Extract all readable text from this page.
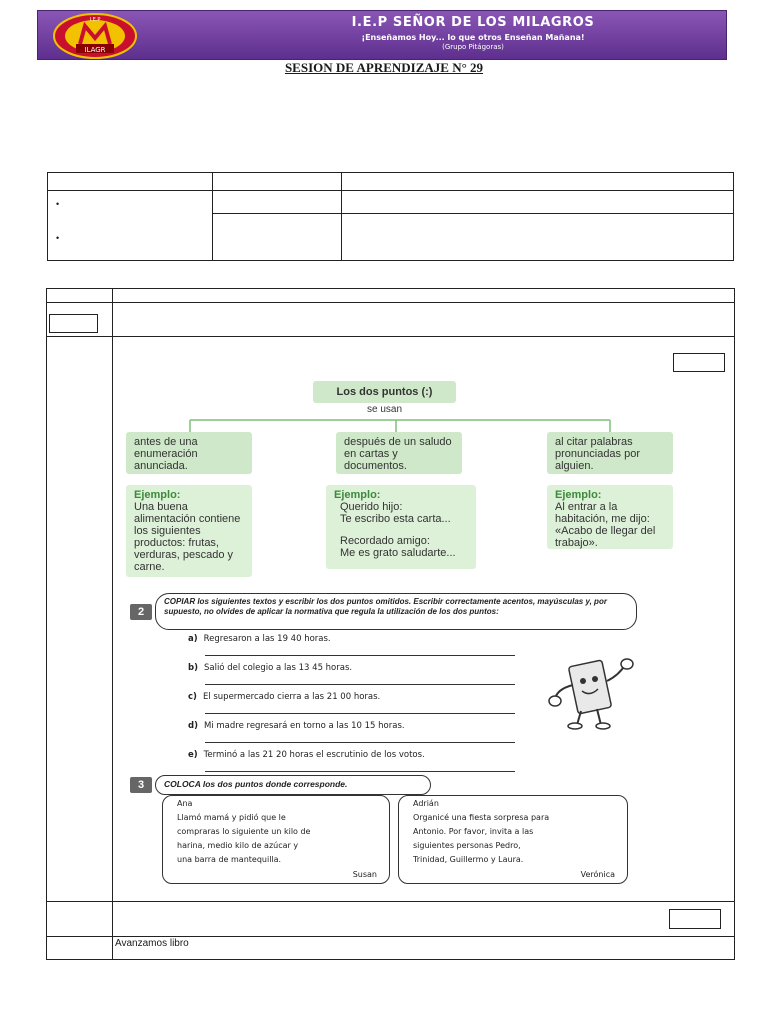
I.E.P SEÑOR DE LOS MILAGROS
¡Enseñamos Hoy... lo que otros Enseñan Mañana!
(Grupo Pitágoras)
ILAGR
I.E.P
SESION DE APRENDIZAJE N° 29
•
•
Avanzamos libro
Los dos puntos (:)
se usan
antes de una enumeración anunciada.
después de un saludo en cartas y documentos.
al citar palabras pronunciadas por alguien.
Ejemplo:
Una buena alimentación contiene los siguientes productos: frutas, verduras, pescado y carne.
Ejemplo:
Querido hijo:
Te escribo esta carta...
Recordado amigo:
Me es grato saludarte...
Ejemplo:
Al entrar a la habitación, me dijo: «Acabo de llegar del trabajo».
2
COPIAR los siguientes textos y escribir los dos puntos omitidos. Escribir correctamente acentos, mayúsculas y, por supuesto, no olvides de aplicar la normativa que regula la utilización de los dos puntos:
a) Regresaron a las 19 40 horas.
b) Salió del colegio a las 13 45 horas.
c) El supermercado cierra a las 21 00 horas.
d) Mi madre regresará en torno a las 10 15 horas.
e) Terminó a las 21 20 horas el escrutinio de los votos.
3	COLOCA los dos puntos donde corresponde.
Ana
Llamó mamá y pidió que le
compraras lo siguiente un kilo de
harina, medio kilo de azúcar y
una barra de mantequilla.
Susan
Adrián
Organicé una fiesta sorpresa para
Antonio. Por favor, invita a las
siguientes personas Pedro,
Trinidad, Guillermo y Laura.
Verónica
